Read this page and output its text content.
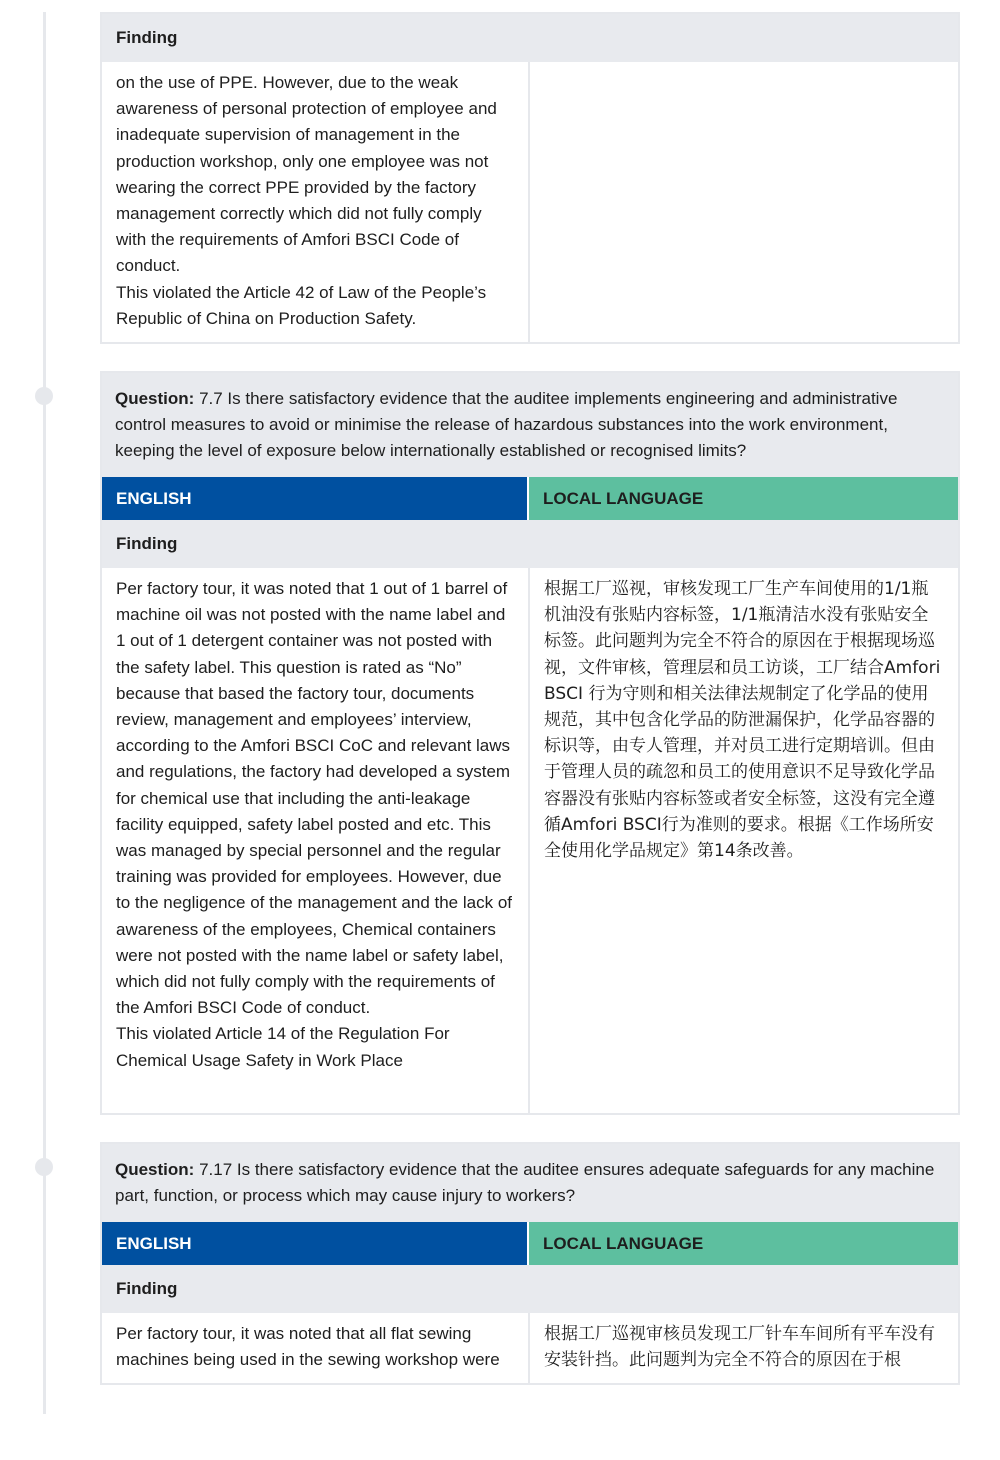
Finding

on the use of PPE. However, due to the weak awareness of personal protection of employee and inadequate supervision of management in the production workshop, only one employee was not wearing the correct PPE provided by the factory management correctly which did not fully comply with the requirements of Amfori BSCI Code of conduct.
This violated the Article 42 of Law of the People’s Republic of China on Production Safety.

Question: 7.7 Is there satisfactory evidence that the auditee implements engineering and administrative control measures to avoid or minimise the release of hazardous substances into the work environment, keeping the level of exposure below internationally established or recognised limits?
ENGLISH	LOCAL LANGUAGE
Finding

Per factory tour, it was noted that 1 out of 1 barrel of machine oil was not posted with the name label and 1 out of 1 detergent container was not posted with the safety label. This question is rated as “No” because that based the factory tour, documents review, management and employees’ interview, according to the Amfori BSCI CoC and relevant laws and regulations, the factory had developed a system for chemical use that including the anti-leakage facility equipped, safety label posted and etc. This was managed by special personnel and the regular training was provided for employees. However, due to the negligence of the management and the lack of awareness of the employees, Chemical containers were not posted with the name label or safety label, which did not fully comply with the requirements of the Amfori BSCI Code of conduct.
This violated Article 14 of the Regulation For Chemical Usage Safety in Work Place

根据工厂巡视，审核发现工厂生产车间使用的1/1瓶机油没有张贴内容标签，1/1瓶清洁水没有张贴安全标签。此问题判为完全不符合的原因在于根据现场巡视，文件审核，管理层和员工访谈，工厂结合Amfori BSCI 行为守则和相关法律法规制定了化学品的使用规范，其中包含化学品的防泄漏保护，化学品容器的标识等，由专人管理，并对员工进行定期培训。但由于管理人员的疏忽和员工的使用意识不足导致化学品容器没有张贴内容标签或者安全标签，这没有完全遵循Amfori BSCI行为准则的要求。根据《工作场所安全使用化学品规定》第14条改善。

Question: 7.17 Is there satisfactory evidence that the auditee ensures adequate safeguards for any machine part, function, or process which may cause injury to workers?
ENGLISH	LOCAL LANGUAGE
Finding

Per factory tour, it was noted that all flat sewing machines being used in the sewing workshop were

根据工厂巡视审核员发现工厂针车车间所有平车没有安装针挡。此问题判为完全不符合的原因在于根
